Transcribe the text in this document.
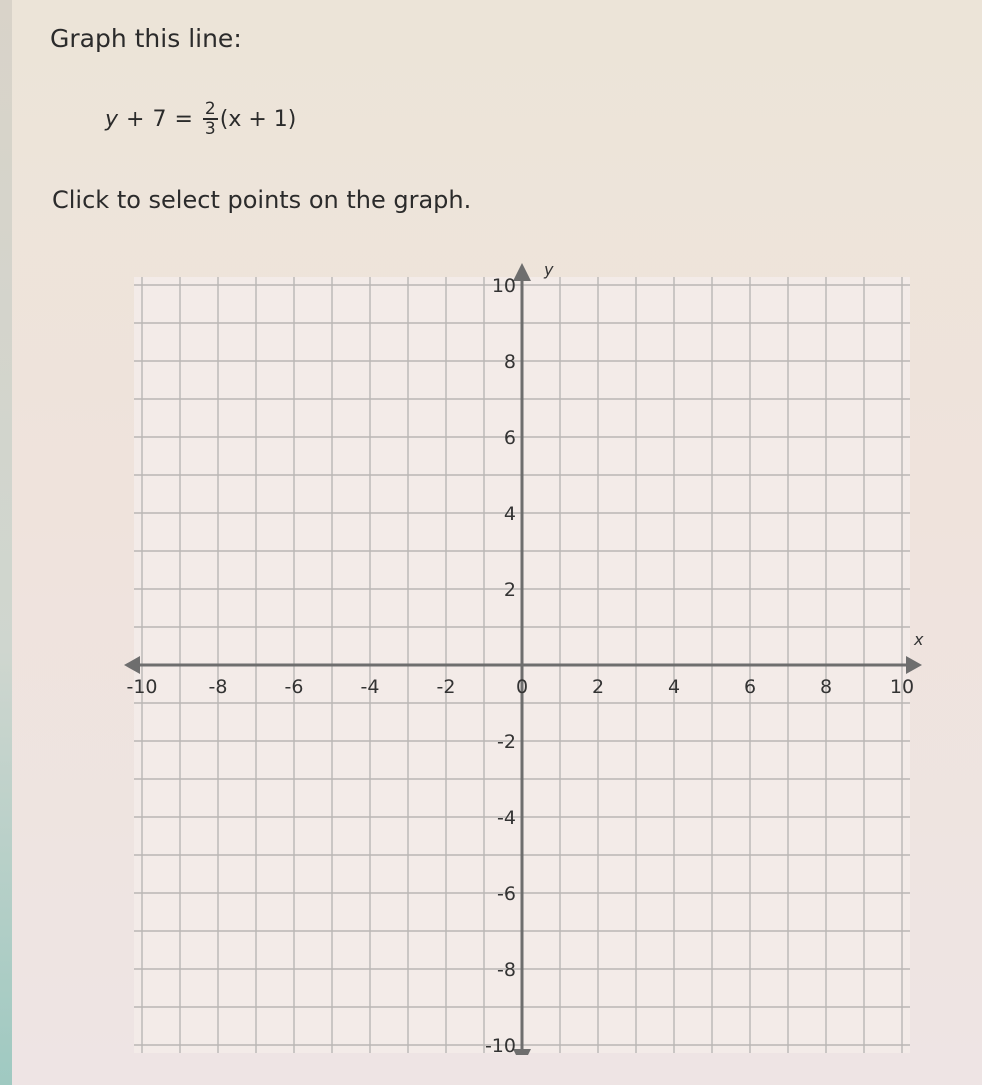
Graph this line:
$y + 7 = \frac{2}{3} (x + 1)$
Click to select points on the graph.
x
y
-10	-8	-6	-4	-2	0	2	4	6	8	10
10
8
6
4
2
-2
-4
-6
-8
-10
